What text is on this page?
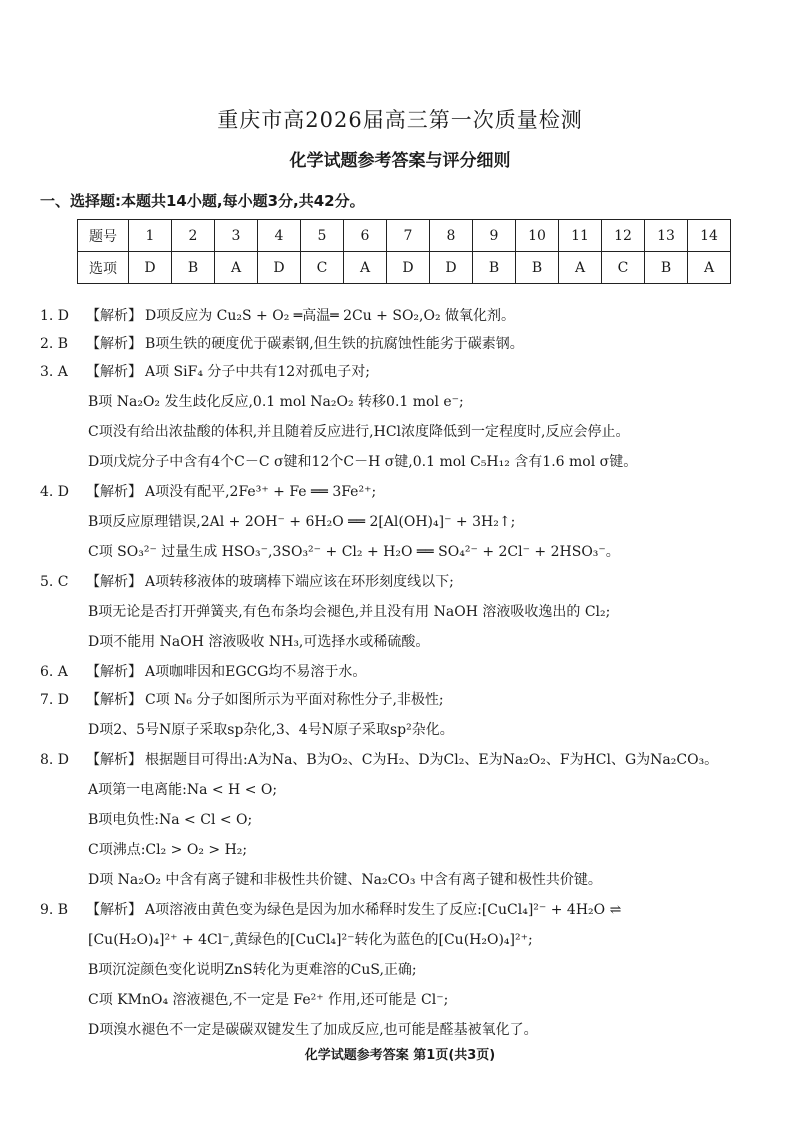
重庆市高2026届高三第一次质量检测
化学试题参考答案与评分细则
一、选择题:本题共14小题,每小题3分,共42分。
题号	1	2	3	4	5	6	7	8	9	10	11	12	13	14
选项	D	B	A	D	C	A	D	D	B	B	A	C	B	A
1. D 【解析】 D项反应为 Cu₂S + O₂ ═高温═ 2Cu + SO₂,O₂ 做氧化剂。
2. B 【解析】 B项生铁的硬度优于碳素钢,但生铁的抗腐蚀性能劣于碳素钢。
3. A 【解析】 A项 SiF₄ 分子中共有12对孤电子对;
B项 Na₂O₂ 发生歧化反应,0.1 mol Na₂O₂ 转移0.1 mol e⁻;
C项没有给出浓盐酸的体积,并且随着反应进行,HCl浓度降低到一定程度时,反应会停止。
D项戊烷分子中含有4个C－C σ键和12个C－H σ键,0.1 mol C₅H₁₂ 含有1.6 mol σ键。
4. D 【解析】 A项没有配平,2Fe³⁺ + Fe ══ 3Fe²⁺;
B项反应原理错误,2Al + 2OH⁻ + 6H₂O ══ 2[Al(OH)₄]⁻ + 3H₂↑;
C项 SO₃²⁻ 过量生成 HSO₃⁻,3SO₃²⁻ + Cl₂ + H₂O ══ SO₄²⁻ + 2Cl⁻ + 2HSO₃⁻。
5. C 【解析】 A项转移液体的玻璃棒下端应该在环形刻度线以下;
B项无论是否打开弹簧夹,有色布条均会褪色,并且没有用 NaOH 溶液吸收逸出的 Cl₂;
D项不能用 NaOH 溶液吸收 NH₃,可选择水或稀硫酸。
6. A 【解析】 A项咖啡因和EGCG均不易溶于水。
7. D 【解析】 C项 N₆ 分子如图所示为平面对称性分子,非极性;
D项2、5号N原子采取sp杂化,3、4号N原子采取sp²杂化。
8. D 【解析】 根据题目可得出:A为Na、B为O₂、C为H₂、D为Cl₂、E为Na₂O₂、F为HCl、G为Na₂CO₃。
A项第一电离能:Na < H < O;
B项电负性:Na < Cl < O;
C项沸点:Cl₂ > O₂ > H₂;
D项 Na₂O₂ 中含有离子键和非极性共价键、Na₂CO₃ 中含有离子键和极性共价键。
9. B 【解析】 A项溶液由黄色变为绿色是因为加水稀释时发生了反应:[CuCl₄]²⁻ + 4H₂O ⇌
[Cu(H₂O)₄]²⁺ + 4Cl⁻,黄绿色的[CuCl₄]²⁻转化为蓝色的[Cu(H₂O)₄]²⁺;
B项沉淀颜色变化说明ZnS转化为更难溶的CuS,正确;
C项 KMnO₄ 溶液褪色,不一定是 Fe²⁺ 作用,还可能是 Cl⁻;
D项溴水褪色不一定是碳碳双键发生了加成反应,也可能是醛基被氧化了。
化学试题参考答案 第1页(共3页)
